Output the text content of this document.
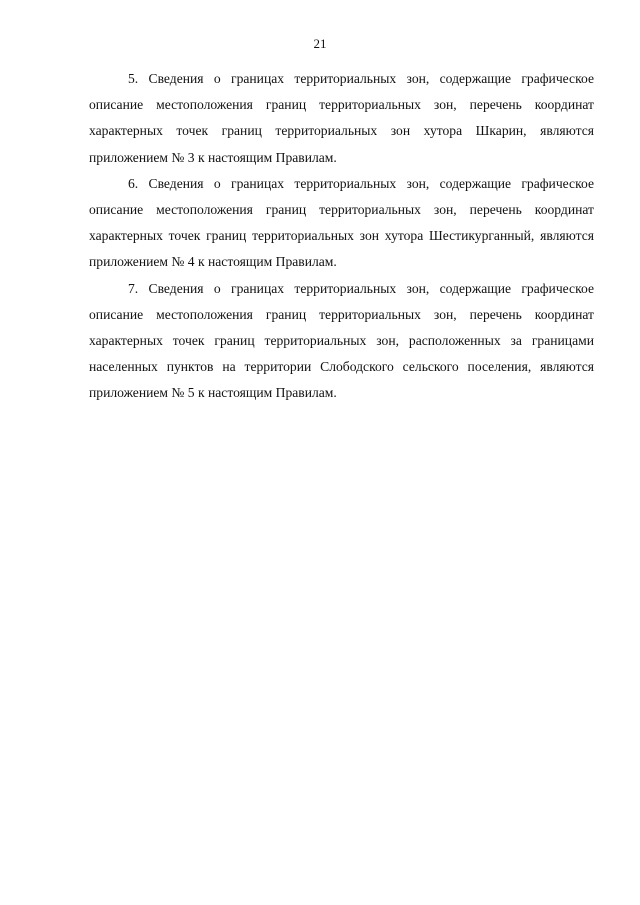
21

5. Сведения о границах территориальных зон, содержащие графическое описание местоположения границ территориальных зон, перечень координат характерных точек границ территориальных зон хутора Шкарин, являются приложением № 3 к настоящим Правилам.

6. Сведения о границах территориальных зон, содержащие графическое описание местоположения границ территориальных зон, перечень координат характерных точек границ территориальных зон хутора Шестикурганный, являются приложением № 4 к настоящим Правилам.

7. Сведения о границах территориальных зон, содержащие графическое описание местоположения границ территориальных зон, перечень координат характерных точек границ территориальных зон, расположенных за границами населенных пунктов на территории Слободского сельского поселения, являются приложением № 5 к настоящим Правилам.
